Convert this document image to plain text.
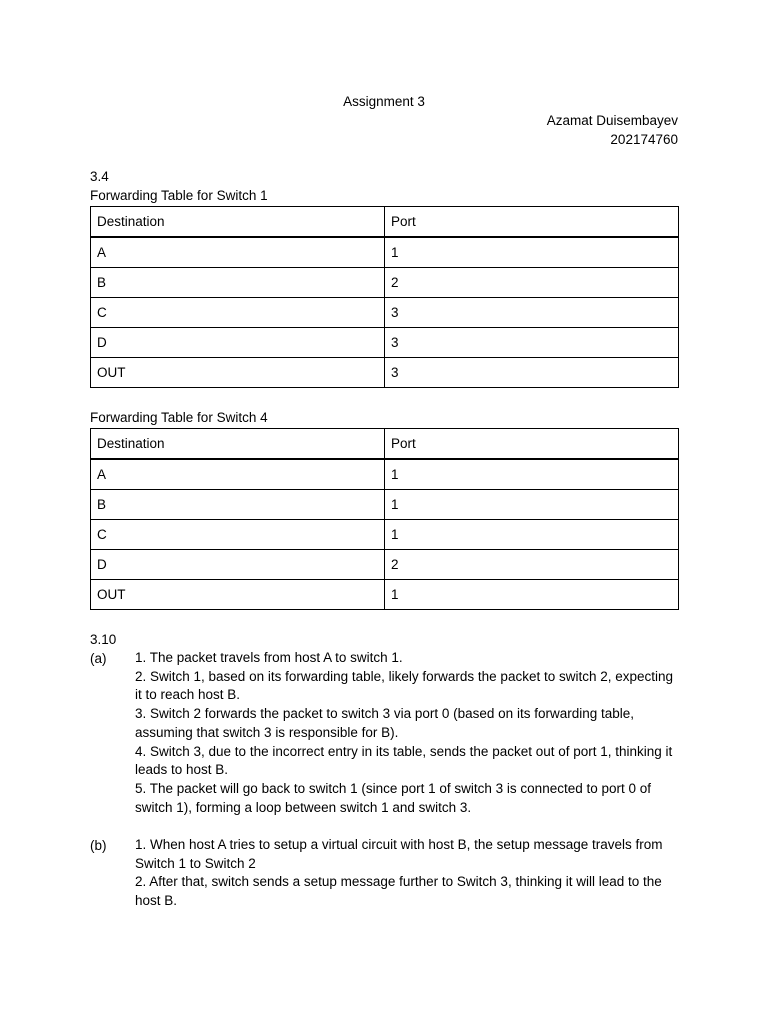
Assignment 3
Azamat Duisembayev
202174760
3.4
Forwarding Table for Switch 1
Destination	Port
A	1
B	2
C	3
D	3
OUT	3
Forwarding Table for Switch 4
Destination	Port
A	1
B	1
C	1
D	2
OUT	1
3.10
(a) 1. The packet travels from host A to switch 1.
2. Switch 1, based on its forwarding table, likely forwards the packet to switch 2, expecting it to reach host B.
3. Switch 2 forwards the packet to switch 3 via port 0 (based on its forwarding table, assuming that switch 3 is responsible for B).
4. Switch 3, due to the incorrect entry in its table, sends the packet out of port 1, thinking it leads to host B.
5. The packet will go back to switch 1 (since port 1 of switch 3 is connected to port 0 of switch 1), forming a loop between switch 1 and switch 3.
(b) 1. When host A tries to setup a virtual circuit with host B, the setup message travels from Switch 1 to Switch 2
2. After that, switch sends a setup message further to Switch 3, thinking it will lead to the host B.
